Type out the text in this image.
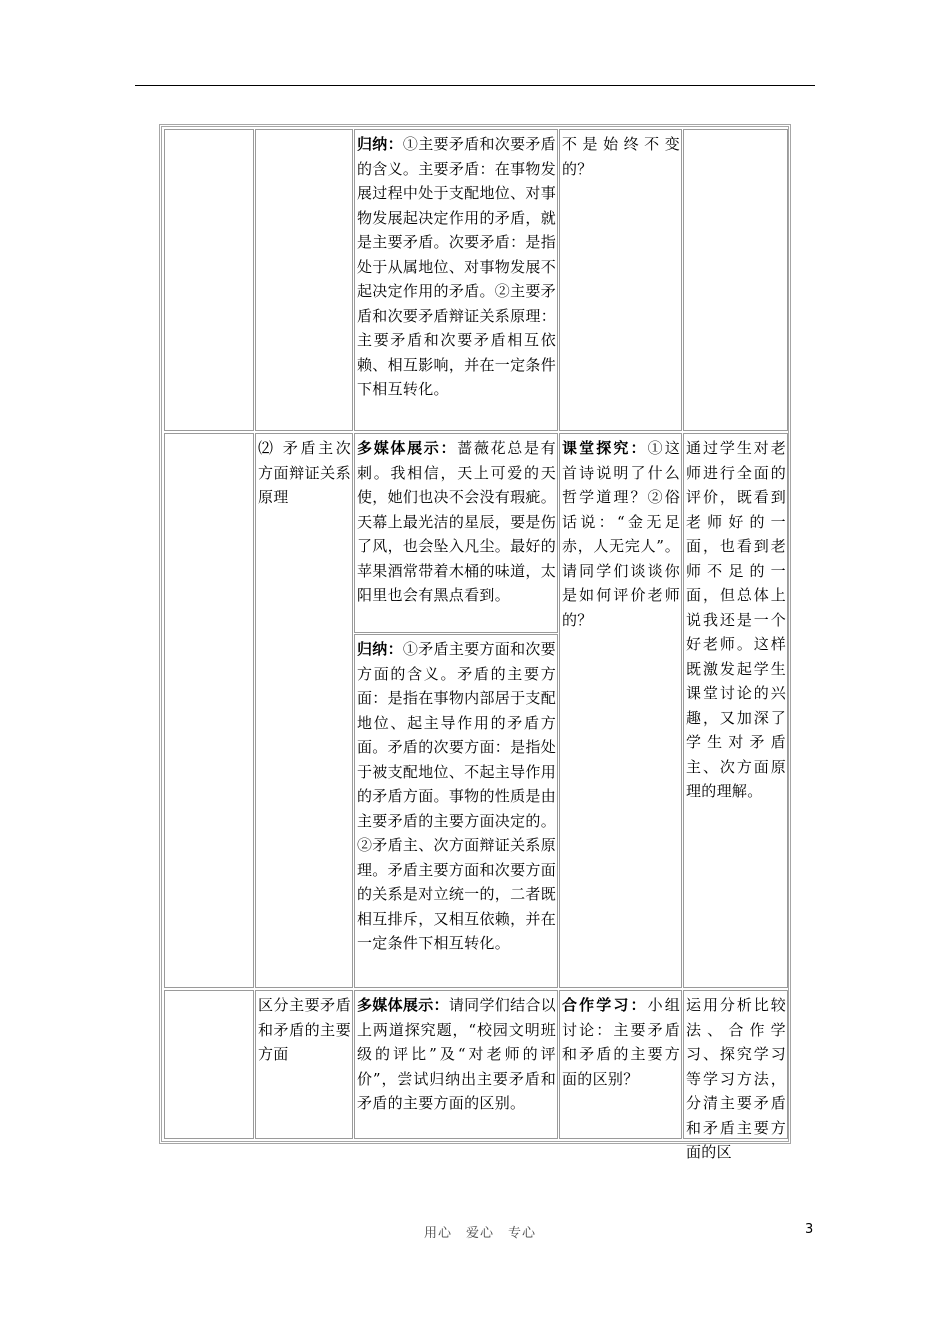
归纳：①主要矛盾和次要矛盾的含义。主要矛盾：在事物发展过程中处于支配地位、对事物发展起决定作用的矛盾，就是主要矛盾。次要矛盾：是指处于从属地位、对事物发展不起决定作用的矛盾。②主要矛盾和次要矛盾辩证关系原理：主要矛盾和次要矛盾相互依赖、相互影响，并在一定条件下相互转化。
不是始终不变的？
⑵ 矛盾主次方面辩证关系原理
多媒体展示：蔷薇花总是有刺。我相信，天上可爱的天使，她们也决不会没有瑕疵。天幕上最光洁的星辰，要是伤了风，也会坠入凡尘。最好的苹果酒常带着木桶的味道，太阳里也会有黑点看到。
归纳：①矛盾主要方面和次要方面的含义。矛盾的主要方面：是指在事物内部居于支配地位、起主导作用的矛盾方面。矛盾的次要方面：是指处于被支配地位、不起主导作用的矛盾方面。事物的性质是由主要矛盾的主要方面决定的。②矛盾主、次方面辩证关系原理。矛盾主要方面和次要方面的关系是对立统一的，二者既相互排斥，又相互依赖，并在一定条件下相互转化。
课堂探究：①这首诗说明了什么哲学道理？②俗话说：“金无足赤，人无完人”。请同学们谈谈你是如何评价老师的？
通过学生对老师进行全面的评价，既看到老师好的一面，也看到老师不足的一面，但总体上说我还是一个好老师。这样既激发起学生课堂讨论的兴趣，又加深了学生对矛盾主、次方面原理的理解。
区分主要矛盾和矛盾的主要方面
多媒体展示：请同学们结合以上两道探究题，“校园文明班级的评比”及“对老师的评价”，尝试归纳出主要矛盾和矛盾的主要方面的区别。
合作学习：小组讨论：主要矛盾和矛盾的主要方面的区别？
运用分析比较法、合作学习、探究学习等学习方法，分清主要矛盾和矛盾主要方面的区
用心　爱心　专心	3
